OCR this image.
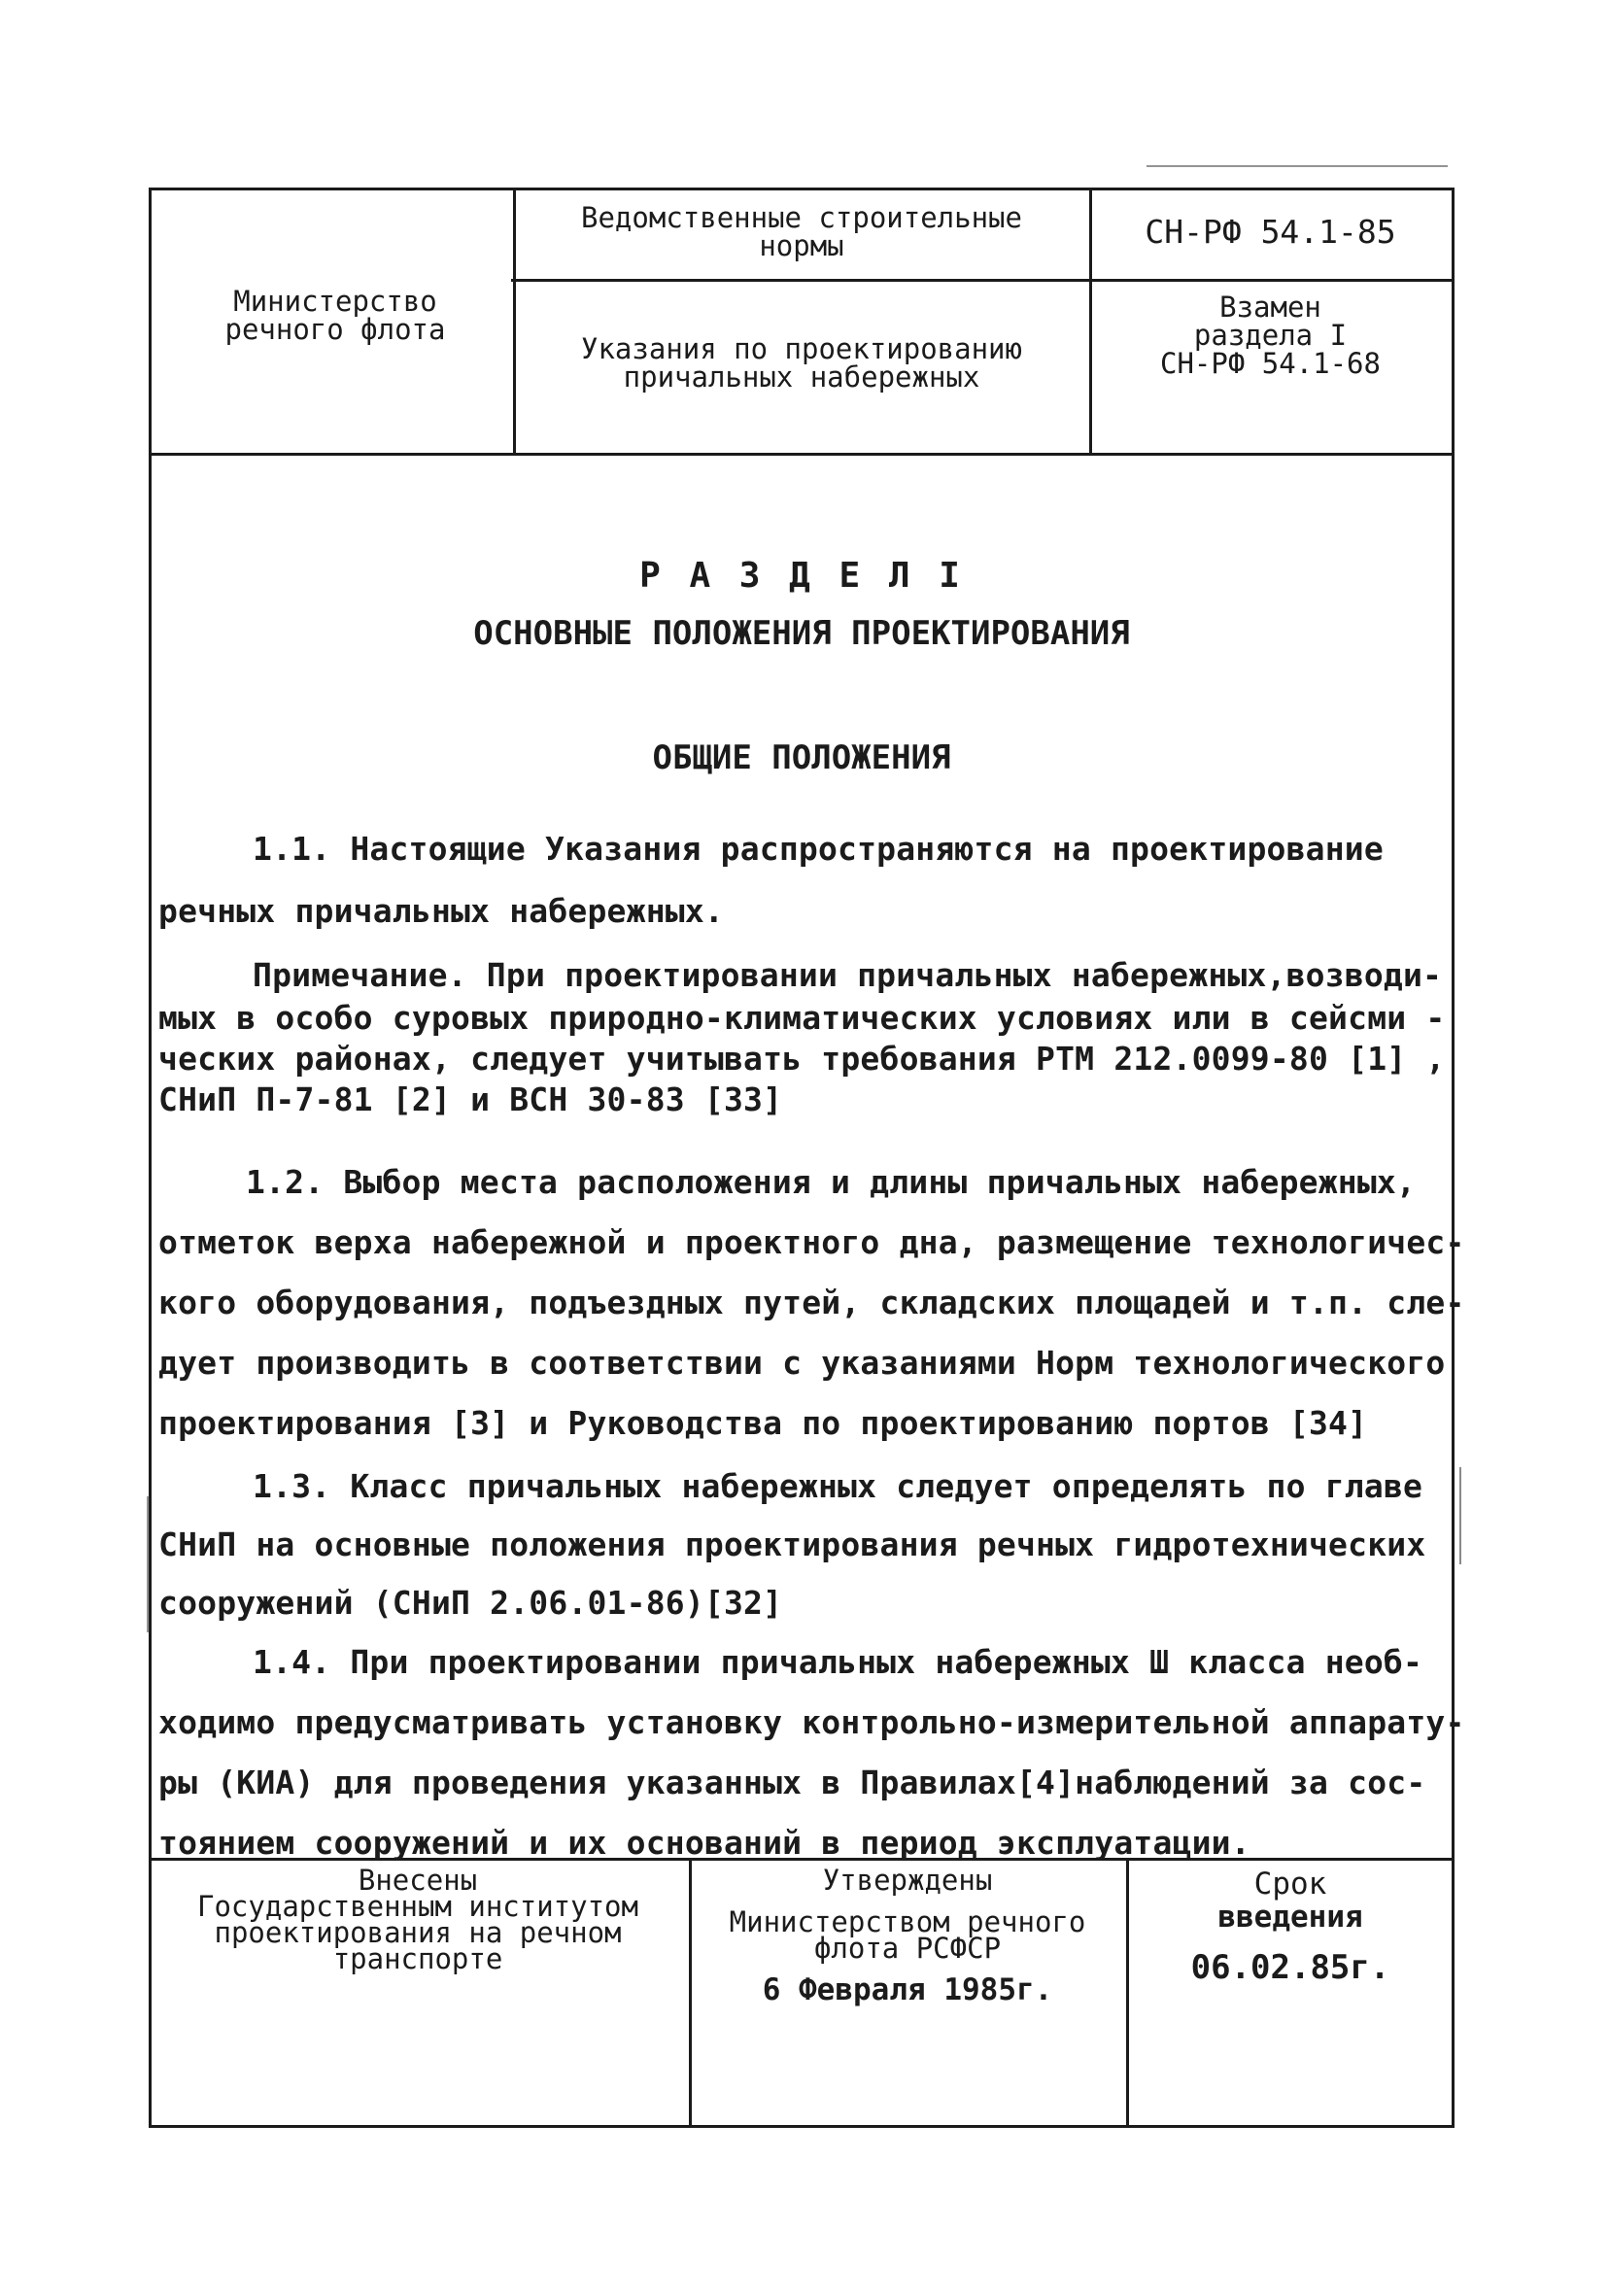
Министерство
речного флота
Ведомственные строительные
нормы	СН-РФ 54.1-85
Указания по проектированию
причальных набережных
Взамен
раздела I
СН-РФ 54.1-68
Р А З Д Е Л I
ОСНОВНЫЕ ПОЛОЖЕНИЯ ПРОЕКТИРОВАНИЯ
ОБЩИЕ ПОЛОЖЕНИЯ
1.1. Настоящие Указания распространяются на проектирование
речных причальных набережных.
Примечание. При проектировании причальных набережных,возводи-
мых в особо суровых природно-климатических условиях или в сейсми -
ческих районах, следует учитывать требования РТМ 212.0099-80 [1] ,
СНиП П-7-81 [2] и ВСН 30-83 [33]
1.2. Выбор места расположения и длины причальных набережных,
отметок верха набережной и проектного дна, размещение технологичес-
кого оборудования, подъездных путей, складских площадей и т.п. сле-
дует производить в соответствии с указаниями Норм технологического
проектирования [3] и Руководства по проектированию портов [34]
1.3. Класс причальных набережных следует определять по главе
СНиП на основные положения проектирования речных гидротехнических
сооружений (СНиП 2.06.01-86)[32]
1.4. При проектировании причальных набережных Ш класса необ-
ходимо предусматривать установку контрольно-измерительной аппарату-
ры (КИА) для проведения указанных в Правилах[4]наблюдений за сос-
тоянием сооружений и их оснований в период эксплуатации.
Внесены
Государственным институтом
проектирования на речном
транспорте
Утверждены
Министерством речного
флота РСФСР
6 Февраля 1985г.
Срок
введения
06.02.85г.
